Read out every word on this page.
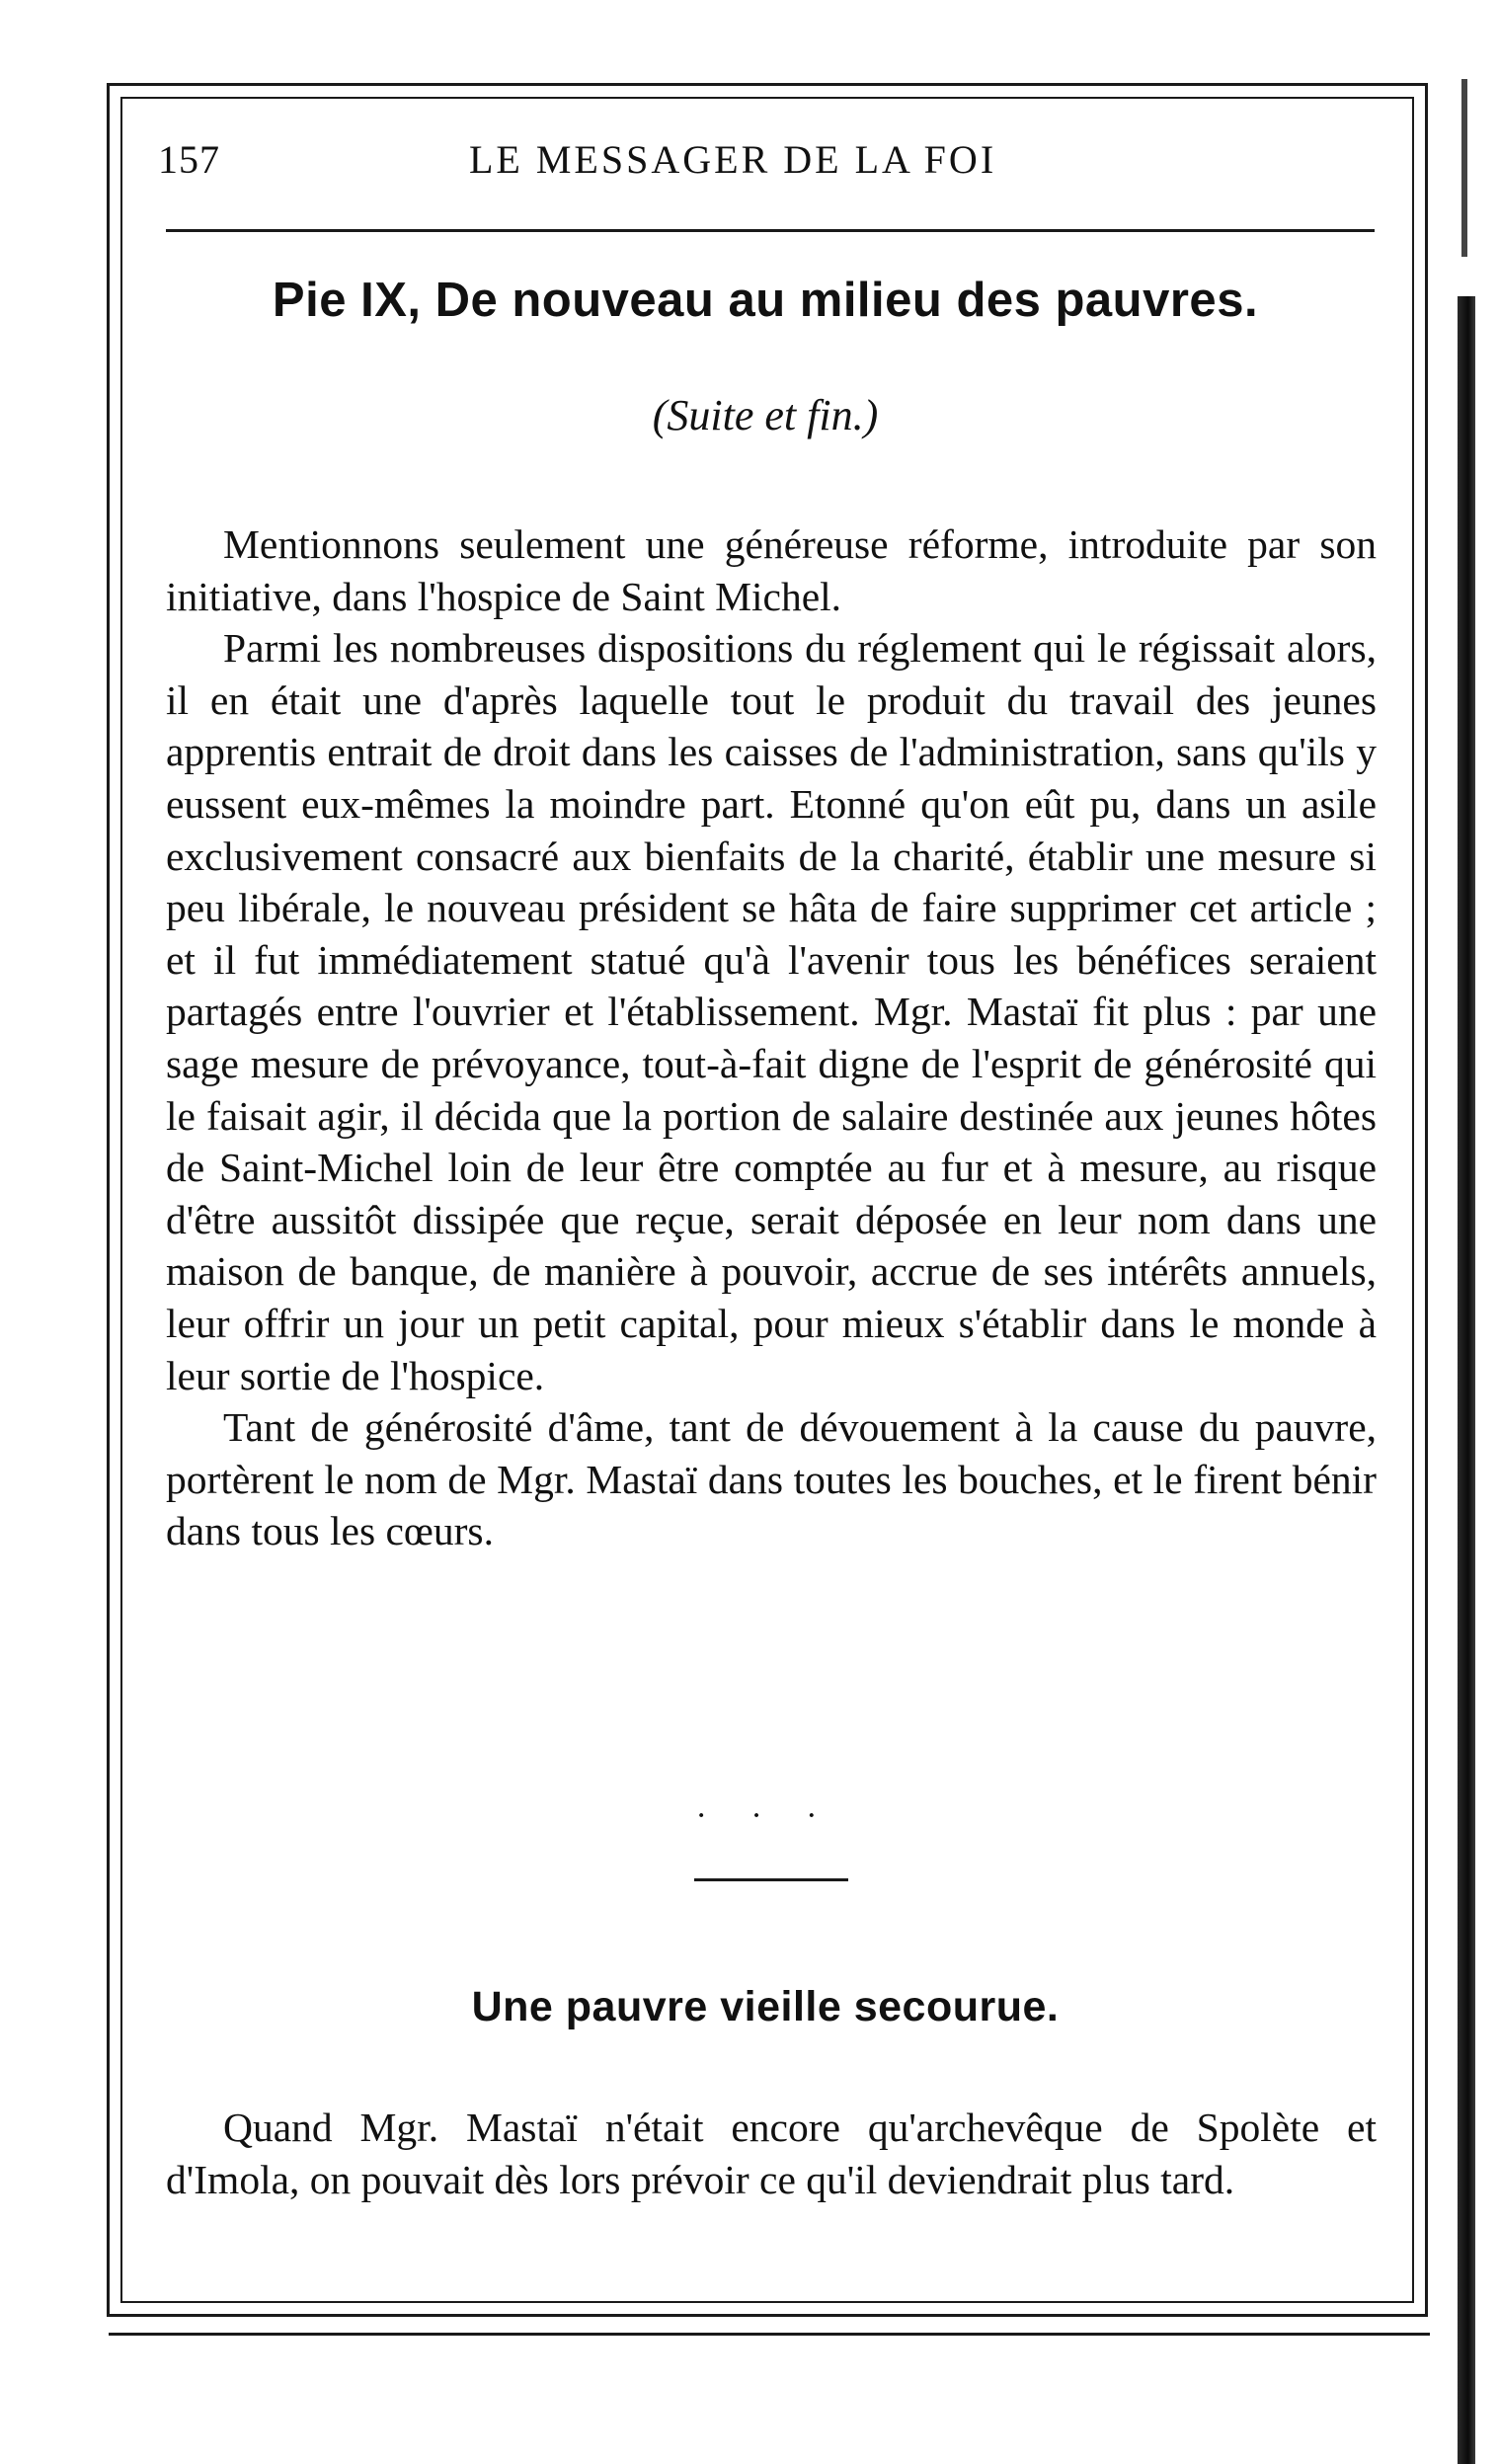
157	LE MESSAGER DE LA FOI
Pie IX, De nouveau au milieu des pauvres.
(Suite et fin.)

Mentionnons seulement une généreuse réforme, introduite par son initiative, dans l'hospice de Saint Michel.

Parmi les nombreuses dispositions du réglement qui le régissait alors, il en était une d'après laquelle tout le produit du travail des jeunes apprentis entrait de droit dans les caisses de l'administration, sans qu'ils y eussent eux-mêmes la moindre part. Etonné qu'on eût pu, dans un asile exclusivement consacré aux bienfaits de la charité, établir une mesure si peu libérale, le nouveau président se hâta de faire supprimer cet article ; et il fut immédiatement statué qu'à l'avenir tous les bénéfices seraient partagés entre l'ouvrier et l'établissement. Mgr. Mastaï fit plus : par une sage mesure de prévoyance, tout-à-fait digne de l'esprit de générosité qui le faisait agir, il décida que la portion de salaire destinée aux jeunes hôtes de Saint-Michel loin de leur être comptée au fur et à mesure, au risque d'être aussitôt dissipée que reçue, serait déposée en leur nom dans une maison de banque, de manière à pouvoir, accrue de ses intérêts annuels, leur offrir un jour un petit capital, pour mieux s'établir dans le monde à leur sortie de l'hospice.

Tant de générosité d'âme, tant de dévouement à la cause du pauvre, portèrent le nom de Mgr. Mastaï dans toutes les bouches, et le firent bénir dans tous les cœurs.

· · ·
Une pauvre vieille secourue.

Quand Mgr. Mastaï n'était encore qu'archevêque de Spolète et d'Imola, on pouvait dès lors prévoir ce qu'il deviendrait plus tard.
